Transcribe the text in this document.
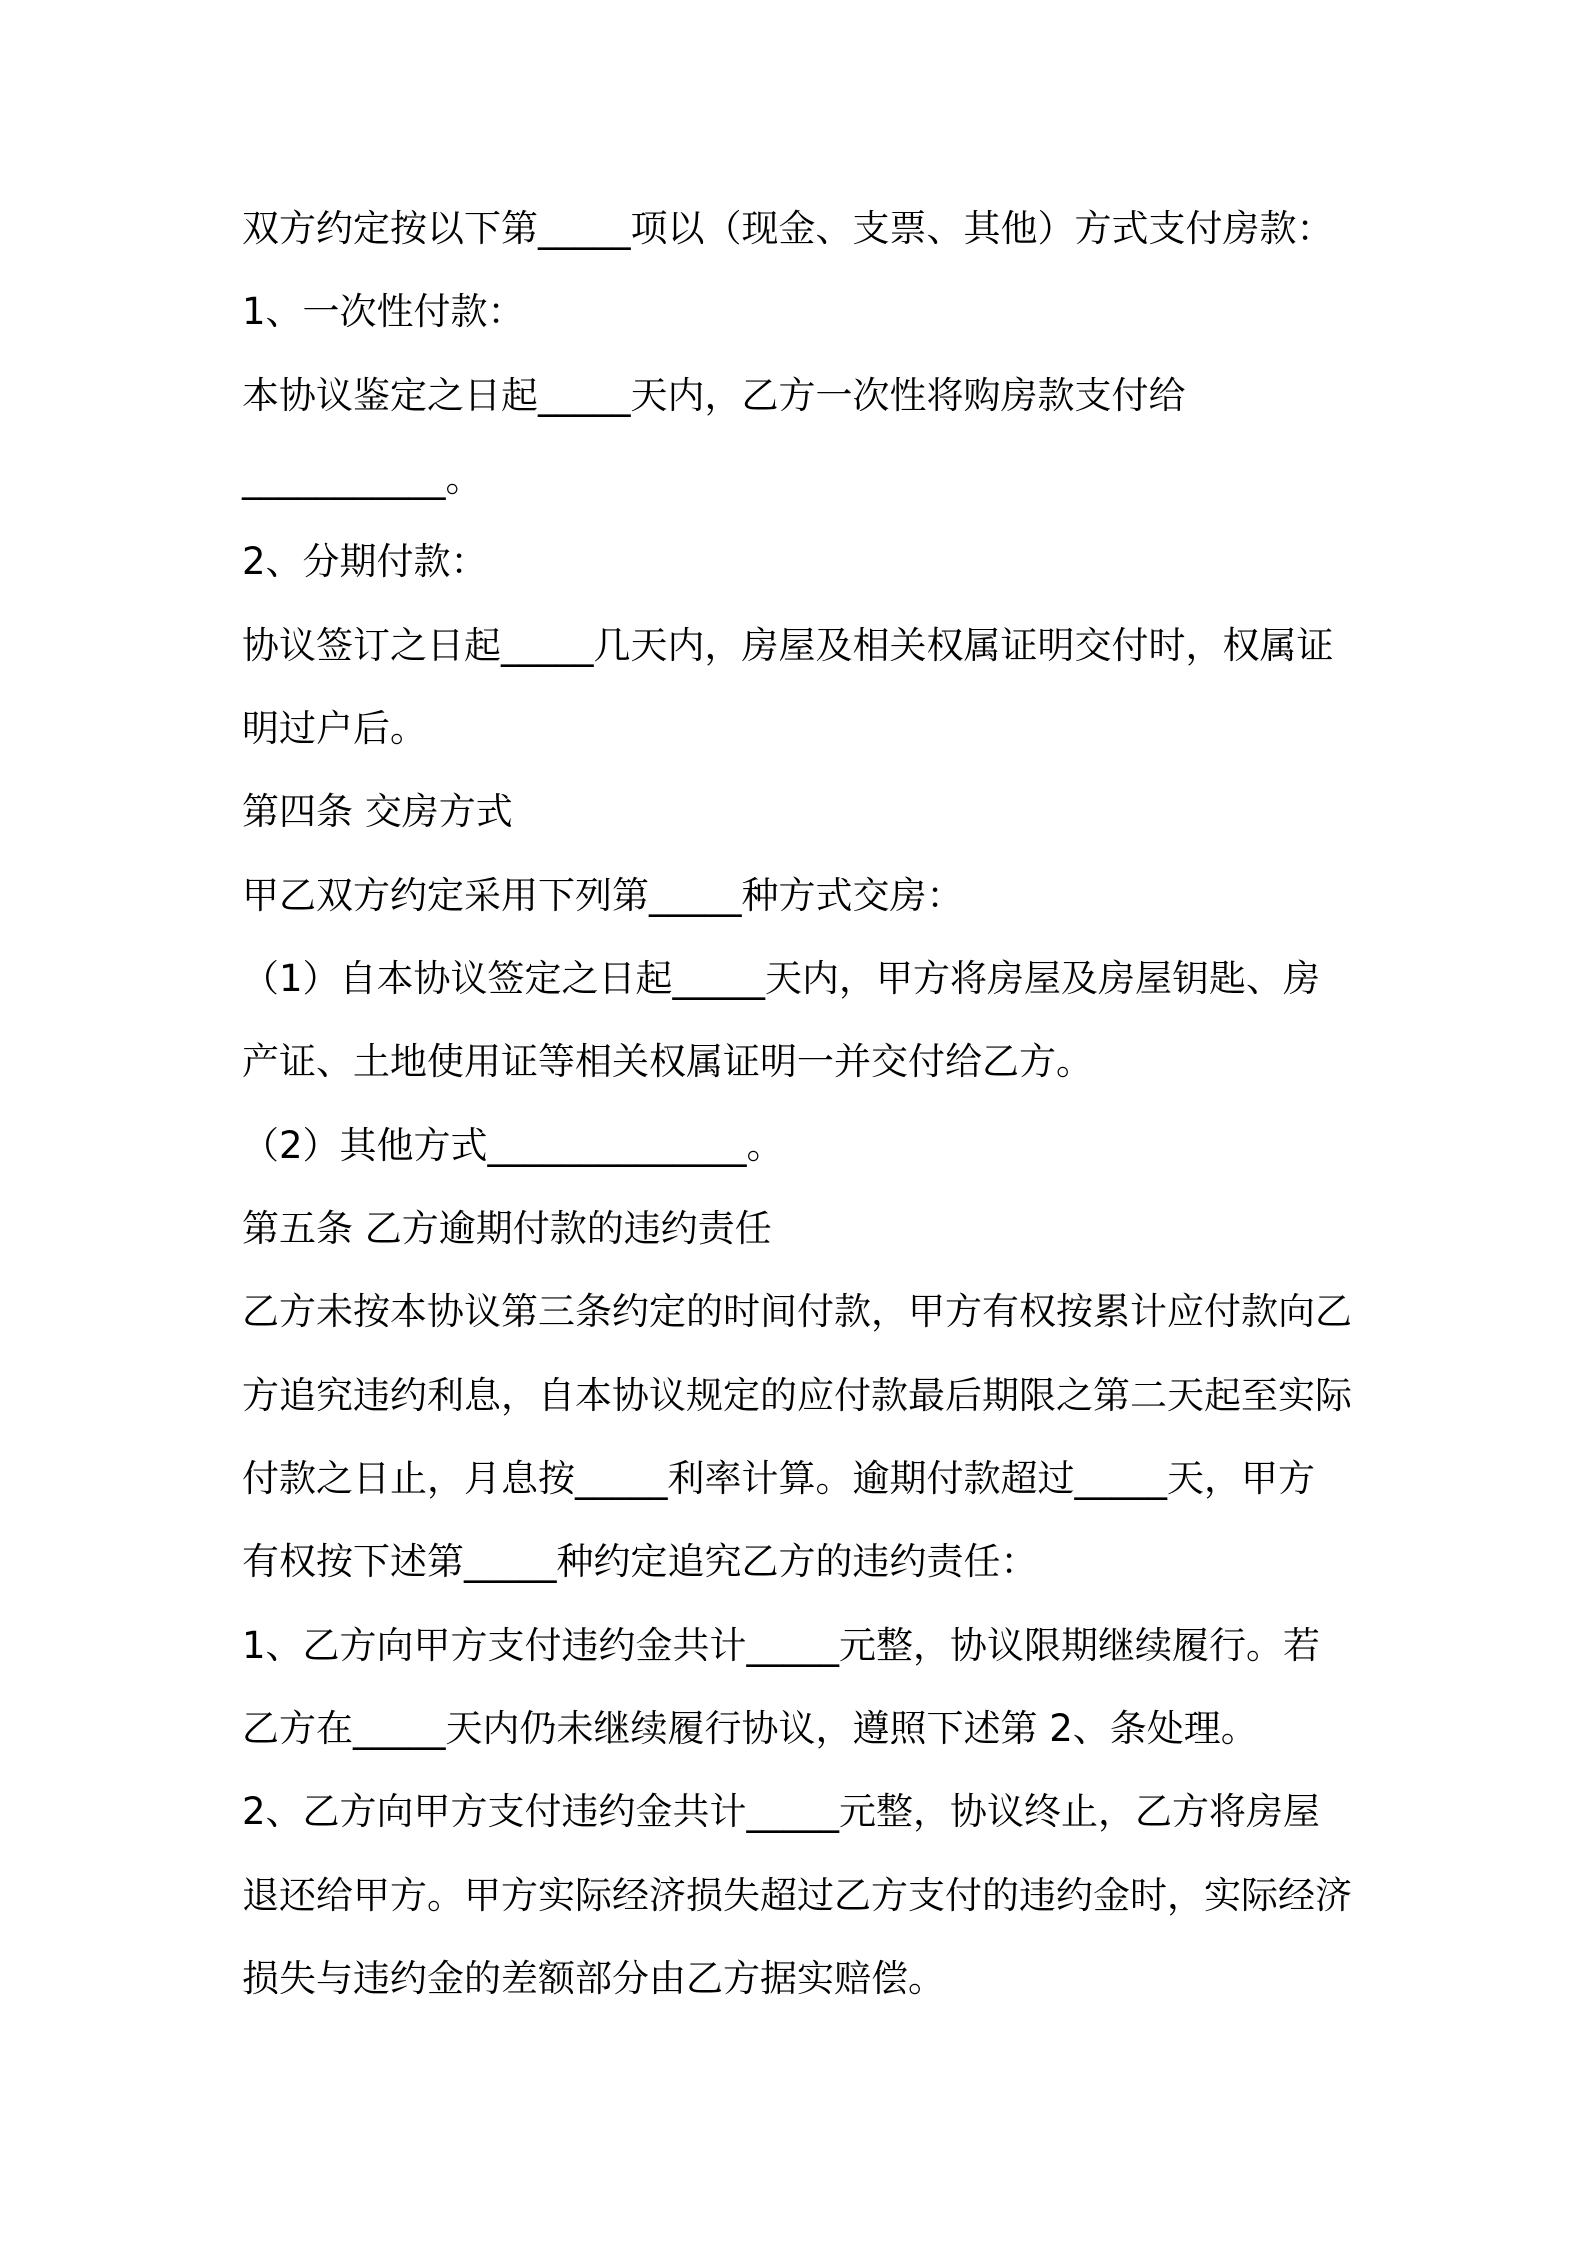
双方约定按以下第_____项以（现金、支票、其他）方式支付房款：
1、一次性付款：
本协议鉴定之日起_____天内，乙方一次性将购房款支付给
___________。
2、分期付款：
协议签订之日起_____几天内，房屋及相关权属证明交付时，权属证
明过户后。
第四条 交房方式
甲乙双方约定采用下列第_____种方式交房：
（1）自本协议签定之日起_____天内，甲方将房屋及房屋钥匙、房
产证、土地使用证等相关权属证明一并交付给乙方。
（2）其他方式______________。
第五条 乙方逾期付款的违约责任
乙方未按本协议第三条约定的时间付款，甲方有权按累计应付款向乙
方追究违约利息，自本协议规定的应付款最后期限之第二天起至实际
付款之日止，月息按_____利率计算。逾期付款超过_____天，甲方
有权按下述第_____种约定追究乙方的违约责任：
1、乙方向甲方支付违约金共计_____元整，协议限期继续履行。若
乙方在_____天内仍未继续履行协议，遵照下述第 2、条处理。
2、乙方向甲方支付违约金共计_____元整，协议终止，乙方将房屋
退还给甲方。甲方实际经济损失超过乙方支付的违约金时，实际经济
损失与违约金的差额部分由乙方据实赔偿。
